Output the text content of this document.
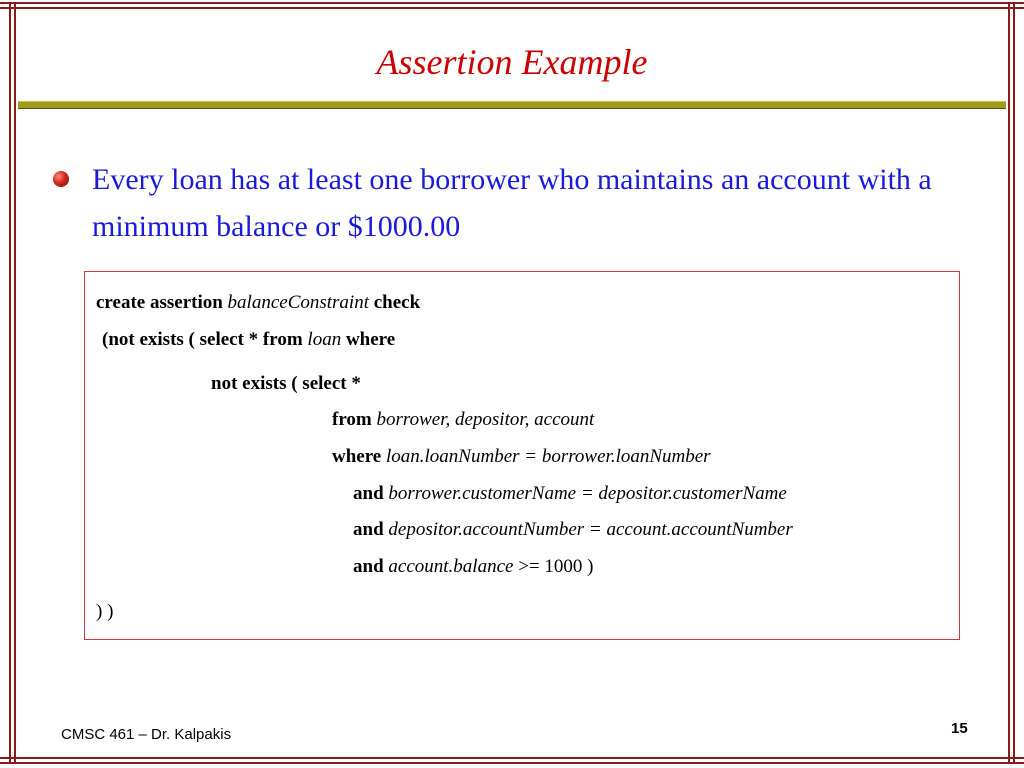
Assertion Example
Every loan has at least one borrower who maintains an account with a minimum balance or $1000.00
create assertion balanceConstraint check
(not exists ( select * from loan where
not exists ( select *
from borrower, depositor, account
where loan.loanNumber = borrower.loanNumber
and borrower.customerName = depositor.customerName
and depositor.accountNumber = account.accountNumber
and account.balance >= 1000 )
) )
CMSC 461 – Dr. Kalpakis	15
